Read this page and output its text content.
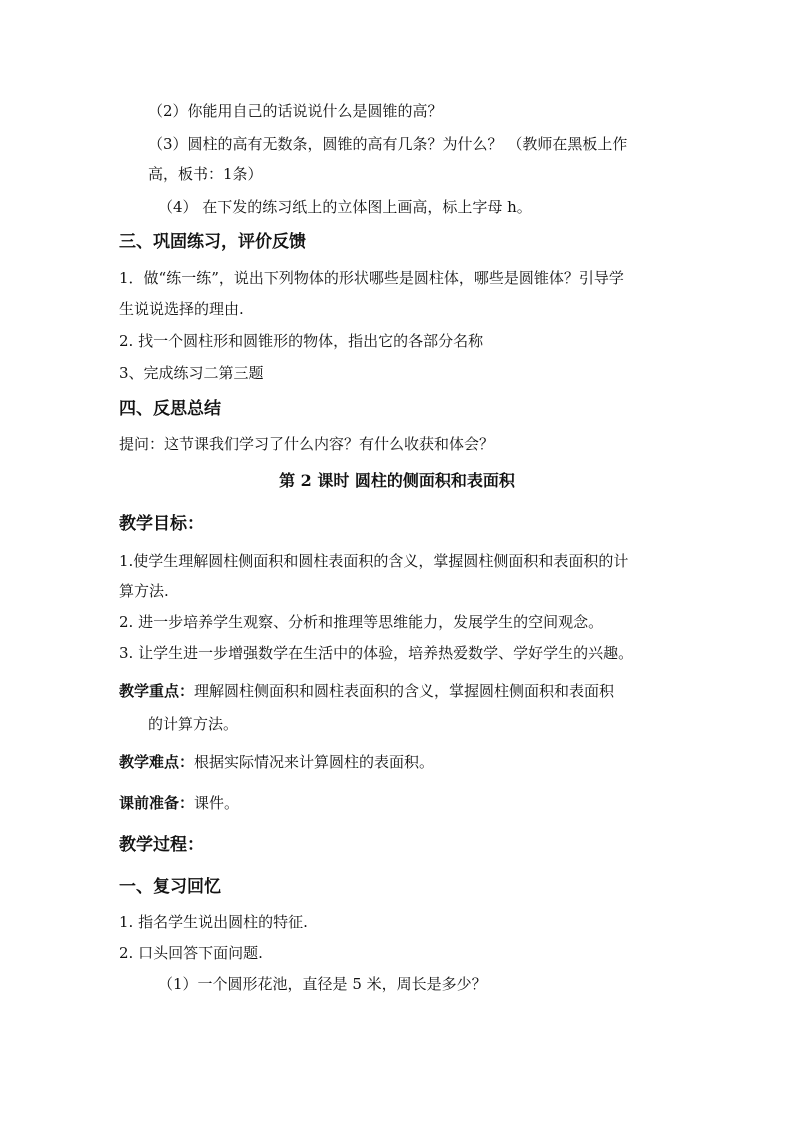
（2）你能用自己的话说说什么是圆锥的高？
（3）圆柱的高有无数条，圆锥的高有几条？为什么？ （教师在黑板上作
高，板书：1条）
（4） 在下发的练习纸上的立体图上画高，标上字母 h。
三、巩固练习，评价反馈
1．做“练一练”，说出下列物体的形状哪些是圆柱体，哪些是圆锥体？引导学
生说说选择的理由.
2. 找一个圆柱形和圆锥形的物体，指出它的各部分名称
3、完成练习二第三题
四、反思总结
提问：这节课我们学习了什么内容？有什么收获和体会？
第 2 课时 圆柱的侧面积和表面积
教学目标：
1.使学生理解圆柱侧面积和圆柱表面积的含义，掌握圆柱侧面积和表面积的计
算方法.
2. 进一步培养学生观察、分析和推理等思维能力，发展学生的空间观念。
3. 让学生进一步增强数学在生活中的体验，培养热爱数学、学好学生的兴趣。
教学重点：理解圆柱侧面积和圆柱表面积的含义，掌握圆柱侧面积和表面积
的计算方法。
教学难点：根据实际情况来计算圆柱的表面积。
课前准备：课件。
教学过程：
一、复习回忆
1. 指名学生说出圆柱的特征.
2. 口头回答下面问题.
（1）一个圆形花池，直径是 5 米，周长是多少？
